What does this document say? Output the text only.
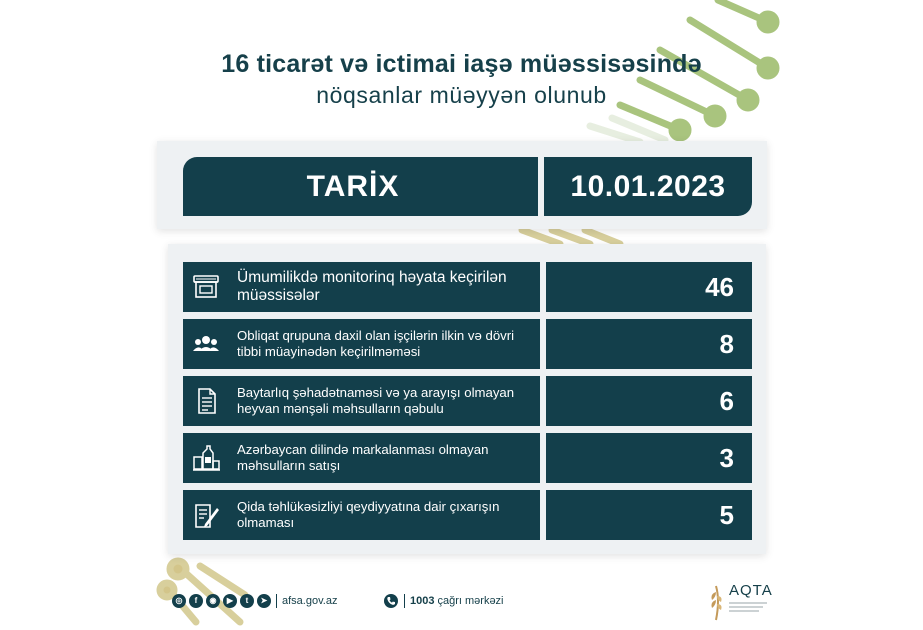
16 ticarət və ictimai iaşə müəssisəsində
nöqsanlar müəyyən olunub
TARİX	10.01.2023
Ümumilikdə monitorinq həyata keçirilən müəssisələr	46
Obliqat qrupuna daxil olan işçilərin ilkin və dövri tibbi müayinədən keçirilməməsi	8
Baytarlıq şəhadətnaməsi və ya arayışı olmayan heyvan mənşəli məhsulların qəbulu	6
Azərbaycan dilində markalanması olmayan məhsulların satışı	3
Qida təhlükəsizliyi qeydiyyatına dair çıxarışın olmaması	5
◎	f	◉	▶	t	➤	afsa.gov.az	1003 çağrı mərkəzi
AQTA
